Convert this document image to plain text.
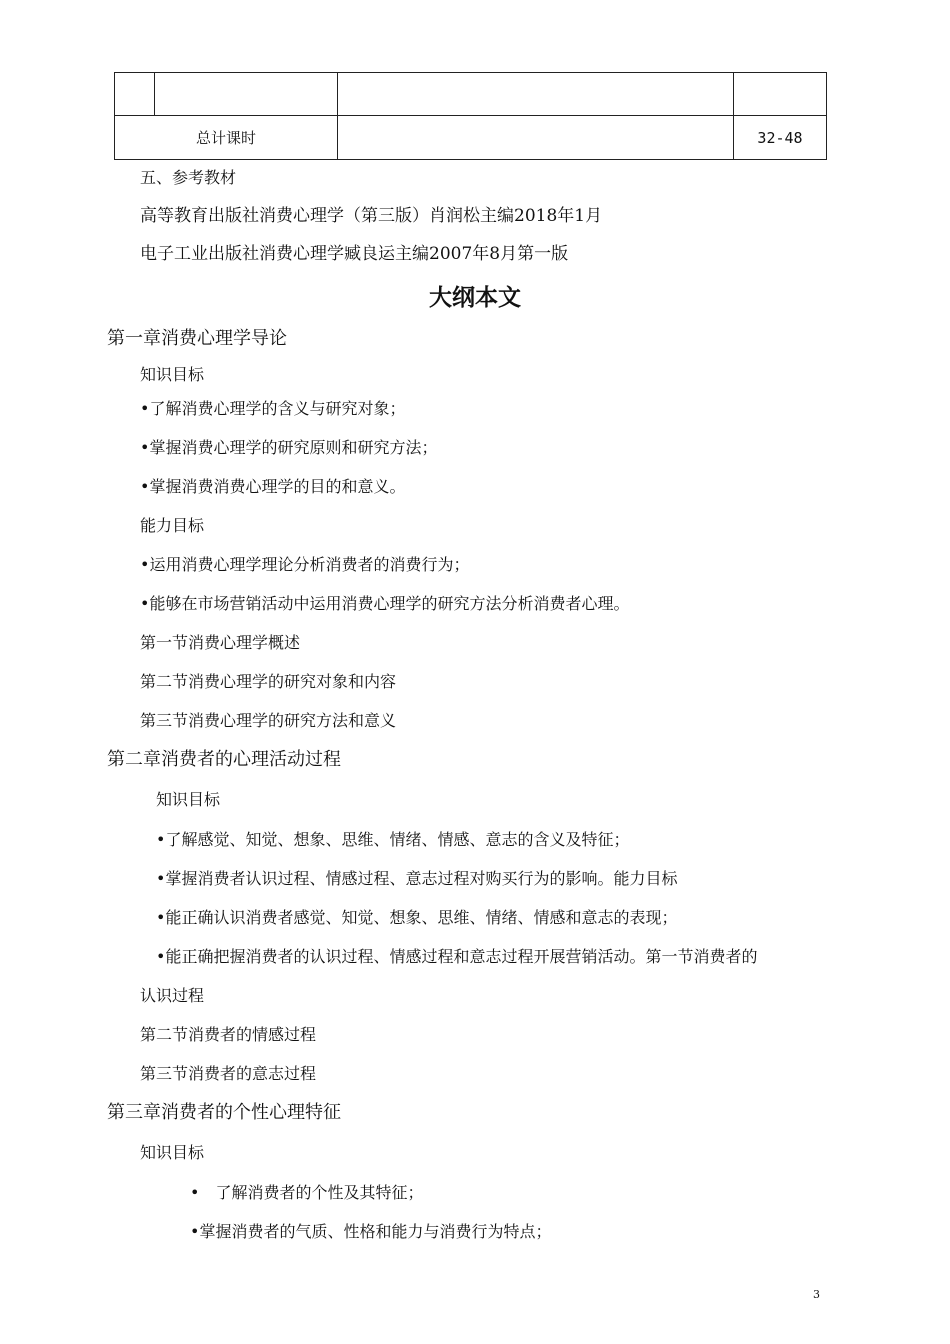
总计课时			32-48
五、参考教材
高等教育出版社消费心理学（第三版）肖润松主编2018年1月
电子工业出版社消费心理学臧良运主编2007年8月第一版
大纲本文
第一章消费心理学导论
知识目标
•了解消费心理学的含义与研究对象；
•掌握消费心理学的研究原则和研究方法；
•掌握消费消费心理学的目的和意义。
能力目标
•运用消费心理学理论分析消费者的消费行为；
•能够在市场营销活动中运用消费心理学的研究方法分析消费者心理。
第一节消费心理学概述
第二节消费心理学的研究对象和内容
第三节消费心理学的研究方法和意义
第二章消费者的心理活动过程
知识目标
•了解感觉、知觉、想象、思维、情绪、情感、意志的含义及特征；
•掌握消费者认识过程、情感过程、意志过程对购买行为的影响。能力目标
•能正确认识消费者感觉、知觉、想象、思维、情绪、情感和意志的表现；
•能正确把握消费者的认识过程、情感过程和意志过程开展营销活动。第一节消费者的
认识过程
第二节消费者的情感过程
第三节消费者的意志过程
第三章消费者的个性心理特征
知识目标
•　了解消费者的个性及其特征；
•掌握消费者的气质、性格和能力与消费行为特点；
3
